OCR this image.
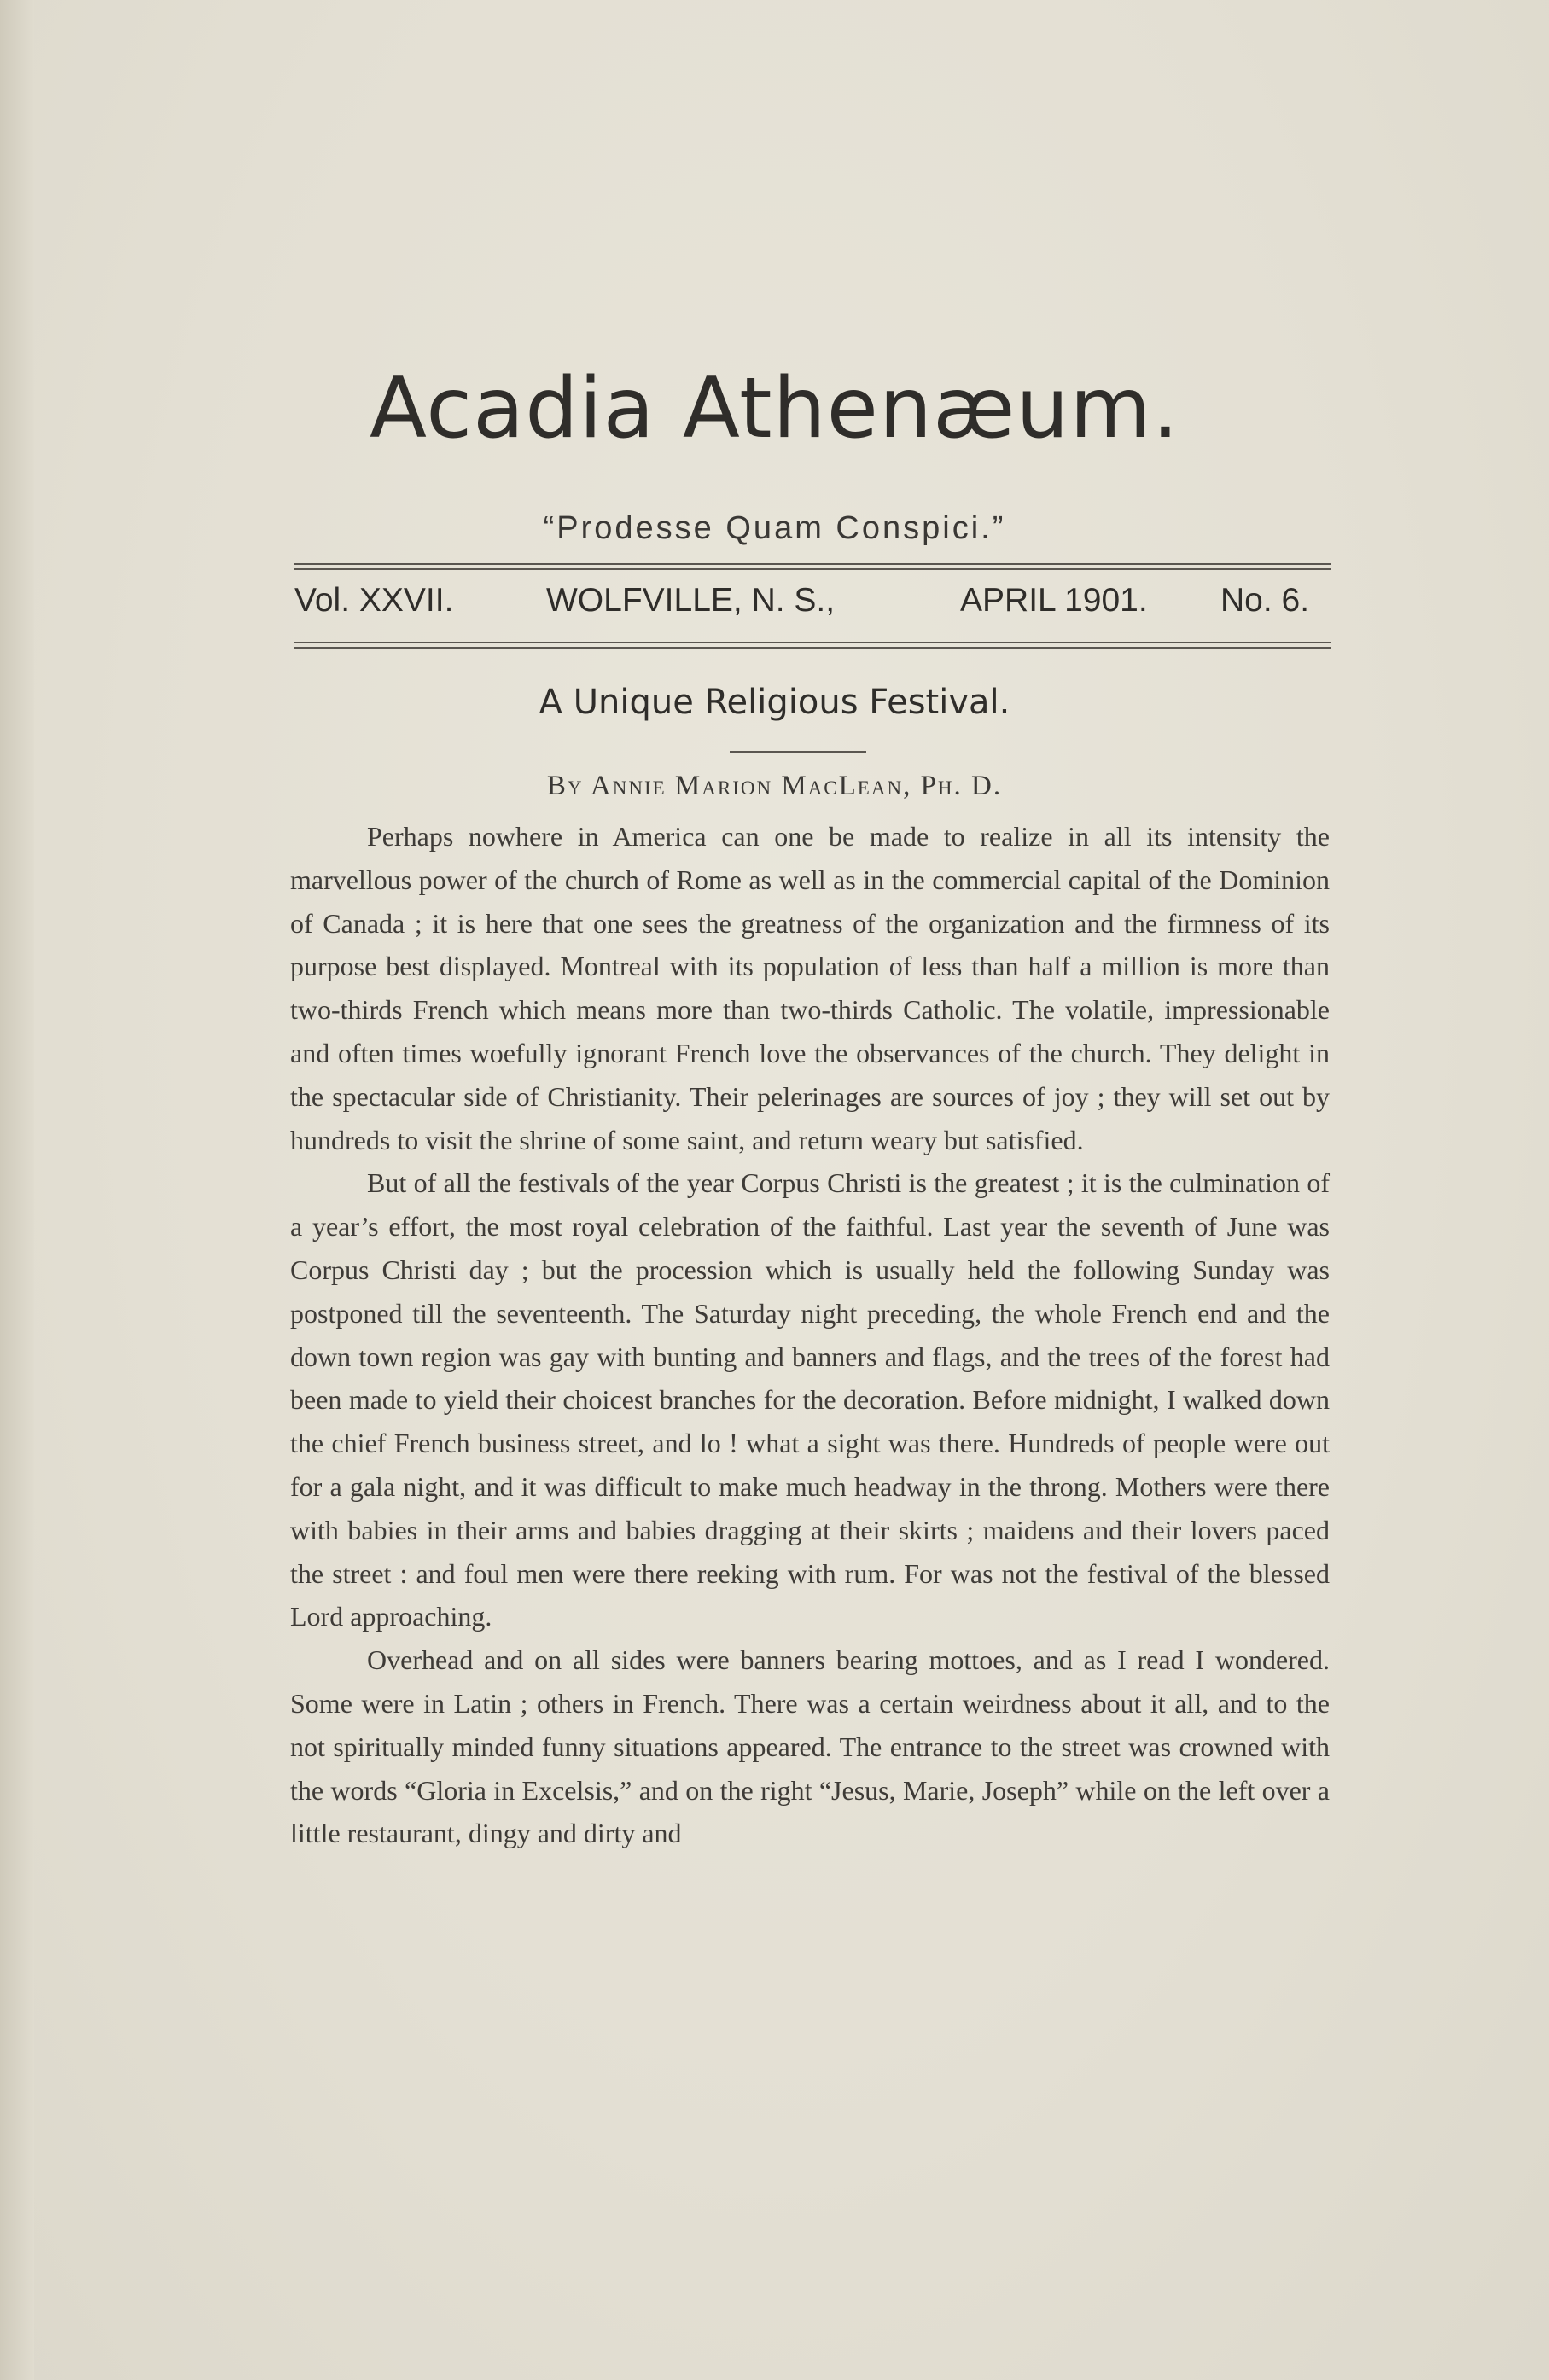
Acadia Athenæum.
“Prodesse Quam Conspici.”
Vol. XXVII.	WOLFVILLE, N. S.,	APRIL 1901. No. 6.
A Unique Religious Festival.
By Annie Marion MacLean, Ph. D.

Perhaps nowhere in America can one be made to realize in all its intensity the marvellous power of the church of Rome as well as in the commercial capital of the Dominion of Canada ; it is here that one sees the greatness of the organization and the firmness of its purpose best displayed. Montreal with its population of less than half a million is more than two-thirds French which means more than two-thirds Catholic. The volatile, impressionable and often times woefully ignorant French love the observances of the church. They delight in the spectacular side of Christianity. Their pelerinages are sources of joy ; they will set out by hundreds to visit the shrine of some saint, and return weary but satisfied.

But of all the festivals of the year Corpus Christi is the greatest ; it is the culmination of a year’s effort, the most royal celebration of the faithful. Last year the seventh of June was Corpus Christi day ; but the procession which is usually held the following Sunday was postponed till the seventeenth. The Saturday night preceding, the whole French end and the down town region was gay with bunting and banners and flags, and the trees of the forest had been made to yield their choicest branches for the decoration. Before midnight, I walked down the chief French business street, and lo ! what a sight was there. Hundreds of people were out for a gala night, and it was difficult to make much headway in the throng. Mothers were there with babies in their arms and babies dragging at their skirts ; maidens and their lovers paced the street : and foul men were there reeking with rum. For was not the festival of the blessed Lord approaching.

Overhead and on all sides were banners bearing mottoes, and as I read I wondered. Some were in Latin ; others in French. There was a certain weirdness about it all, and to the not spiritually minded funny situations appeared. The entrance to the street was crowned with the words “Gloria in Excelsis,” and on the right “Jesus, Marie, Joseph” while on the left over a little restaurant, dingy and dirty and
